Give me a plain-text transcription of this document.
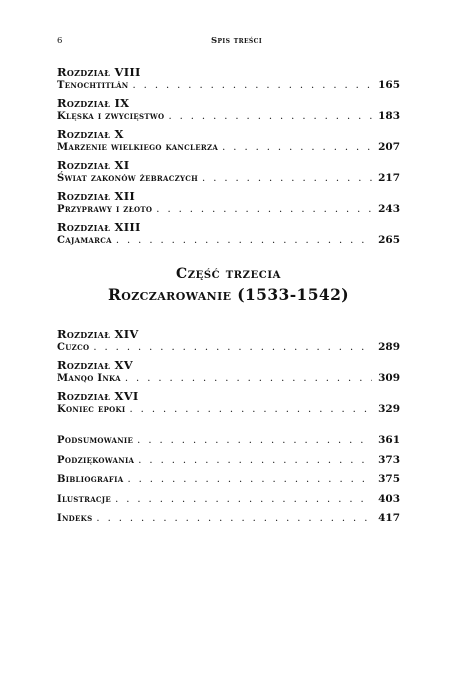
6	Spis treści
Rozdział VIII
Tenochtitlán . . .	165
Rozdział IX
Klęska i zwycięstwo . . .	183
Rozdział X
Marzenie wielkiego kanclerza . . .	207
Rozdział XI
Świat zakonów żebraczych . . .	217
Rozdział XII
Przyprawy i złoto . . .	243
Rozdział XIII
Cajamarca . . .	265
Część trzecia
Rozczarowanie (1533-1542)
Rozdział XIV
Cuzco . . .	289
Rozdział XV
Manqo Inka . . .	309
Rozdział XVI
Koniec epoki . . .	329
Podsumowanie . . .	361
Podziękowania . . .	373
Bibliografia . . .	375
Ilustracje . . .	403
Indeks . . .	417
